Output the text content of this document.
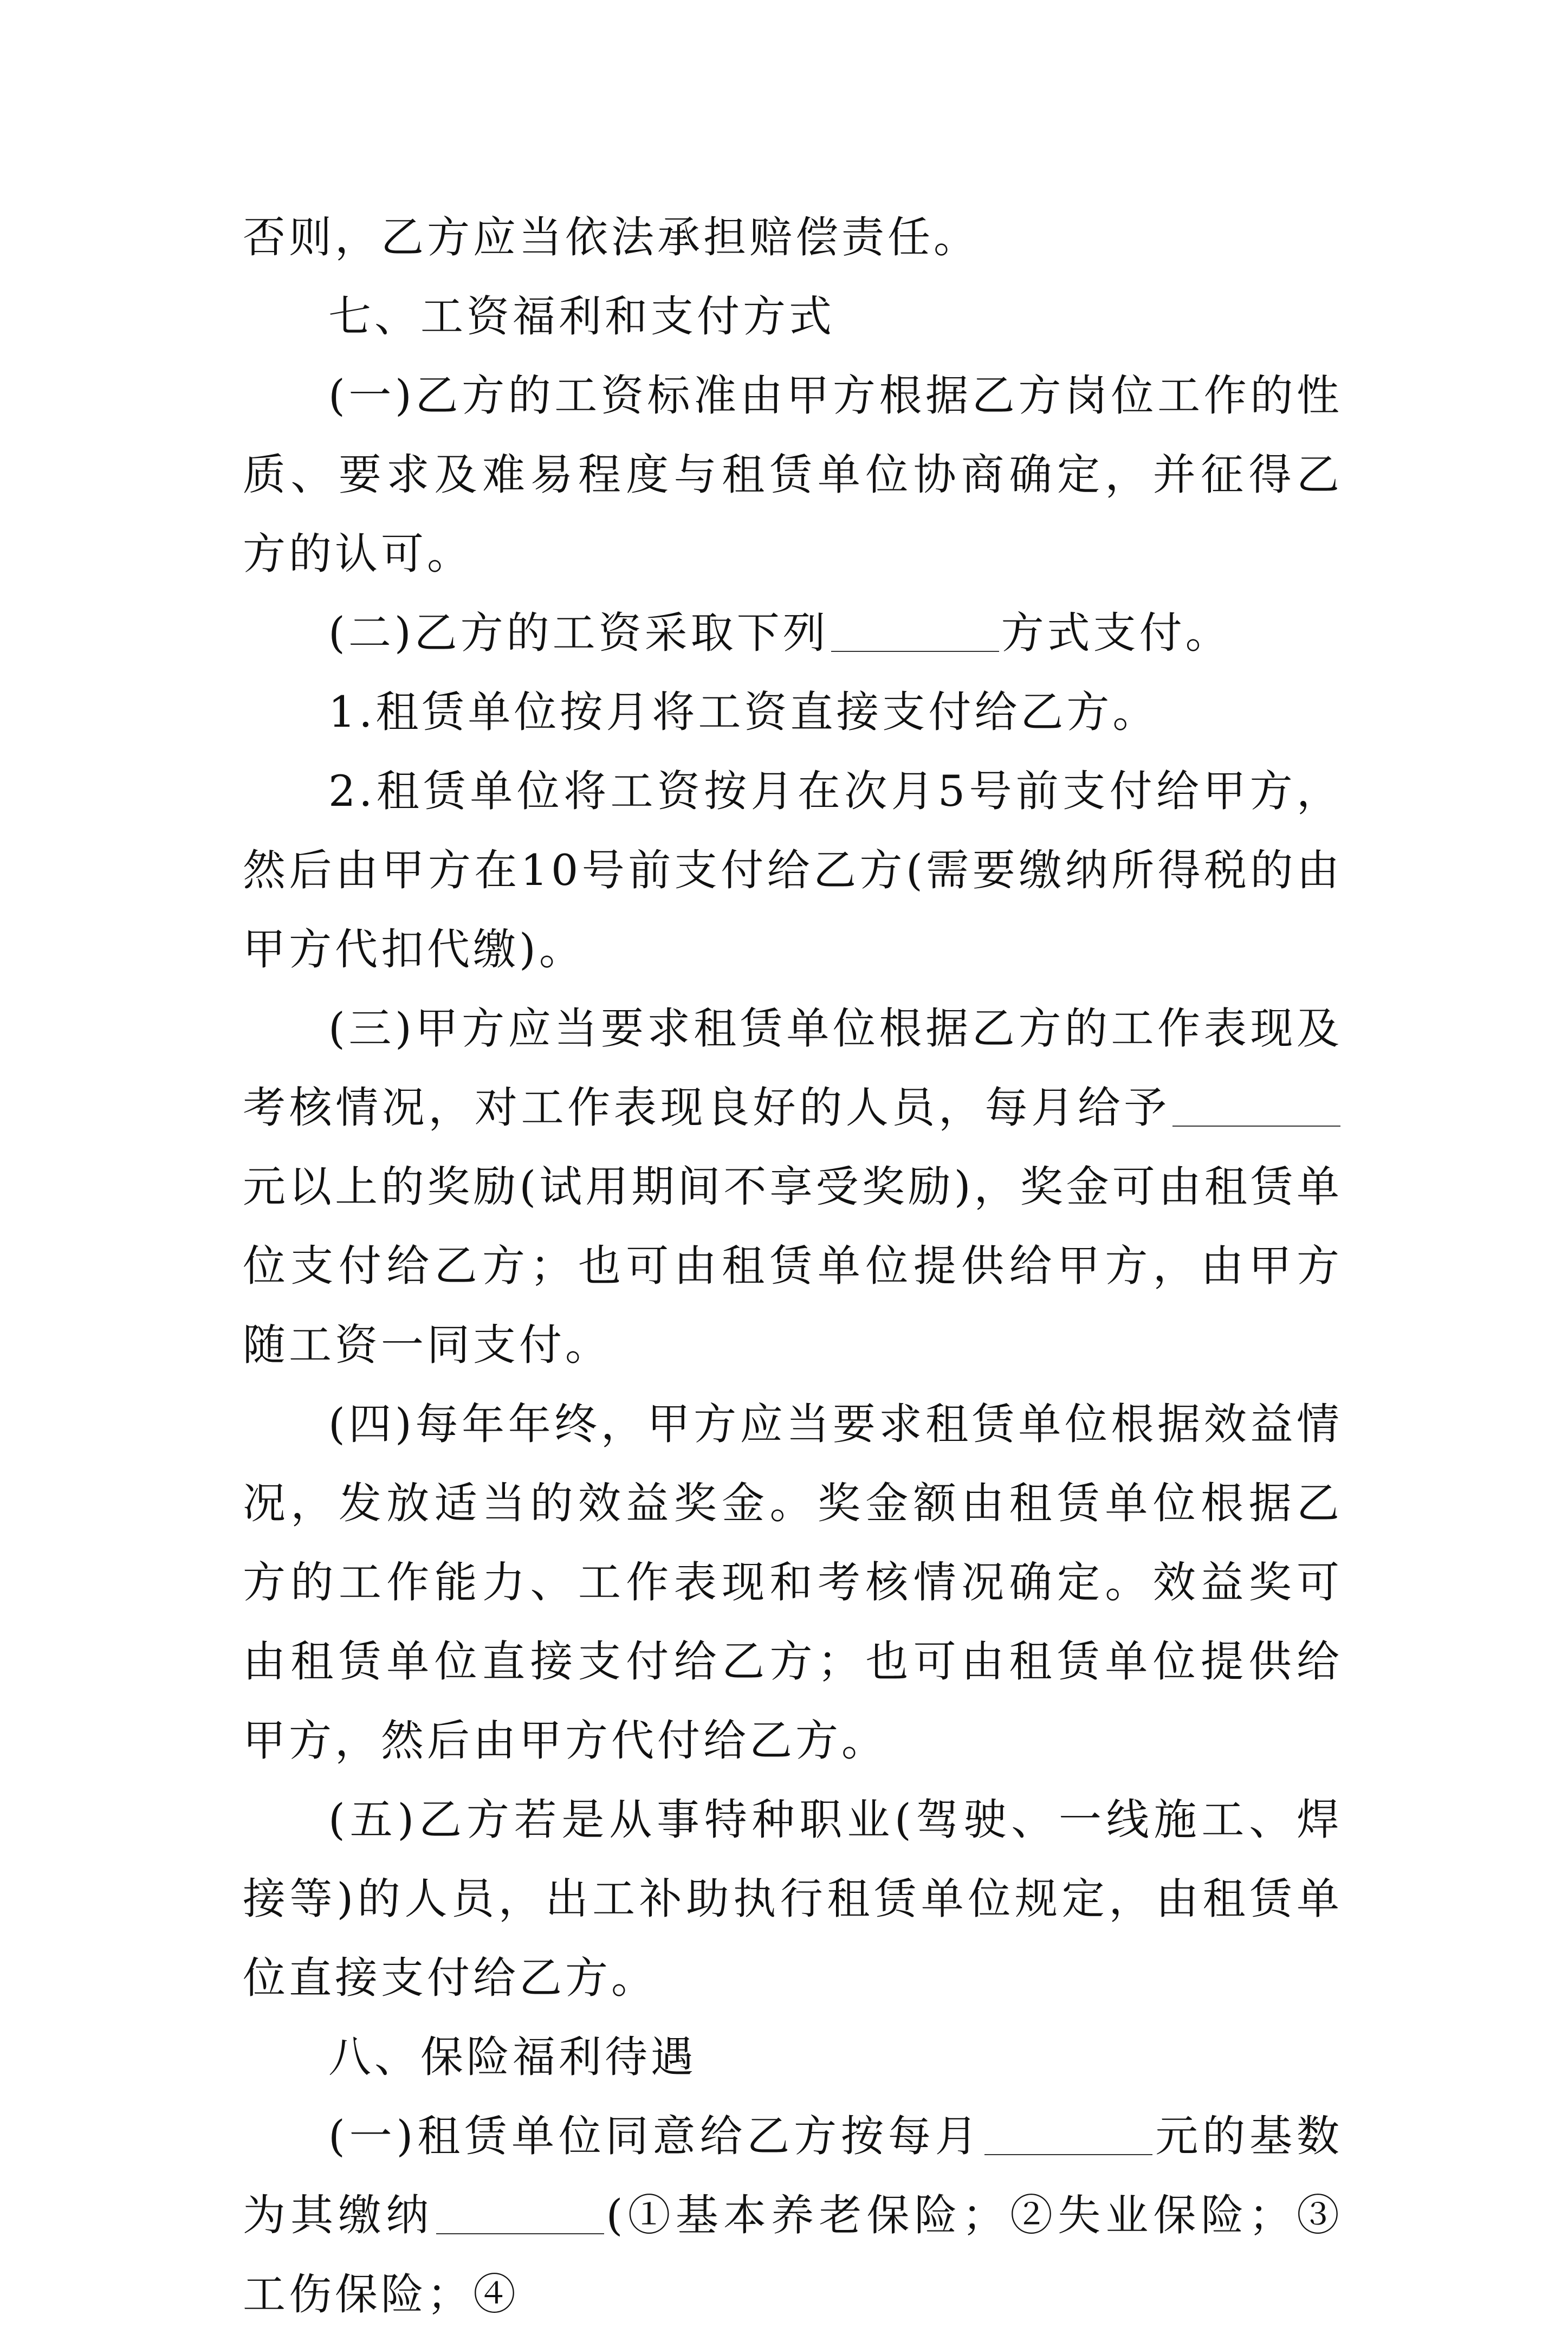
否则，乙方应当依法承担赔偿责任。

七、工资福利和支付方式

(一)乙方的工资标准由甲方根据乙方岗位工作的性质、要求及难易程度与租赁单位协商确定，并征得乙方的认可。

(二)乙方的工资采取下列	方式支付。

1.租赁单位按月将工资直接支付给乙方。

2.租赁单位将工资按月在次月5号前支付给甲方，然后由甲方在10号前支付给乙方(需要缴纳所得税的由甲方代扣代缴)。

(三)甲方应当要求租赁单位根据乙方的工作表现及考核情况，对工作表现良好的人员，每月给予元以上的奖励(试用期间不享受奖励)，奖金可由租赁单位支付给乙方；也可由租赁单位提供给甲方，由甲方随工资一同支付。

(四)每年年终，甲方应当要求租赁单位根据效益情况，发放适当的效益奖金。奖金额由租赁单位根据乙方的工作能力、工作表现和考核情况确定。效益奖可由租赁单位直接支付给乙方；也可由租赁单位提供给甲方，然后由甲方代付给乙方。

(五)乙方若是从事特种职业(驾驶、一线施工、焊接等)的人员，出工补助执行租赁单位规定，由租赁单位直接支付给乙方。

八、保险福利待遇

(一)租赁单位同意给乙方按每月	元的基数为其缴纳	(①基本养老保险；②失业保险；③工伤保险；④
